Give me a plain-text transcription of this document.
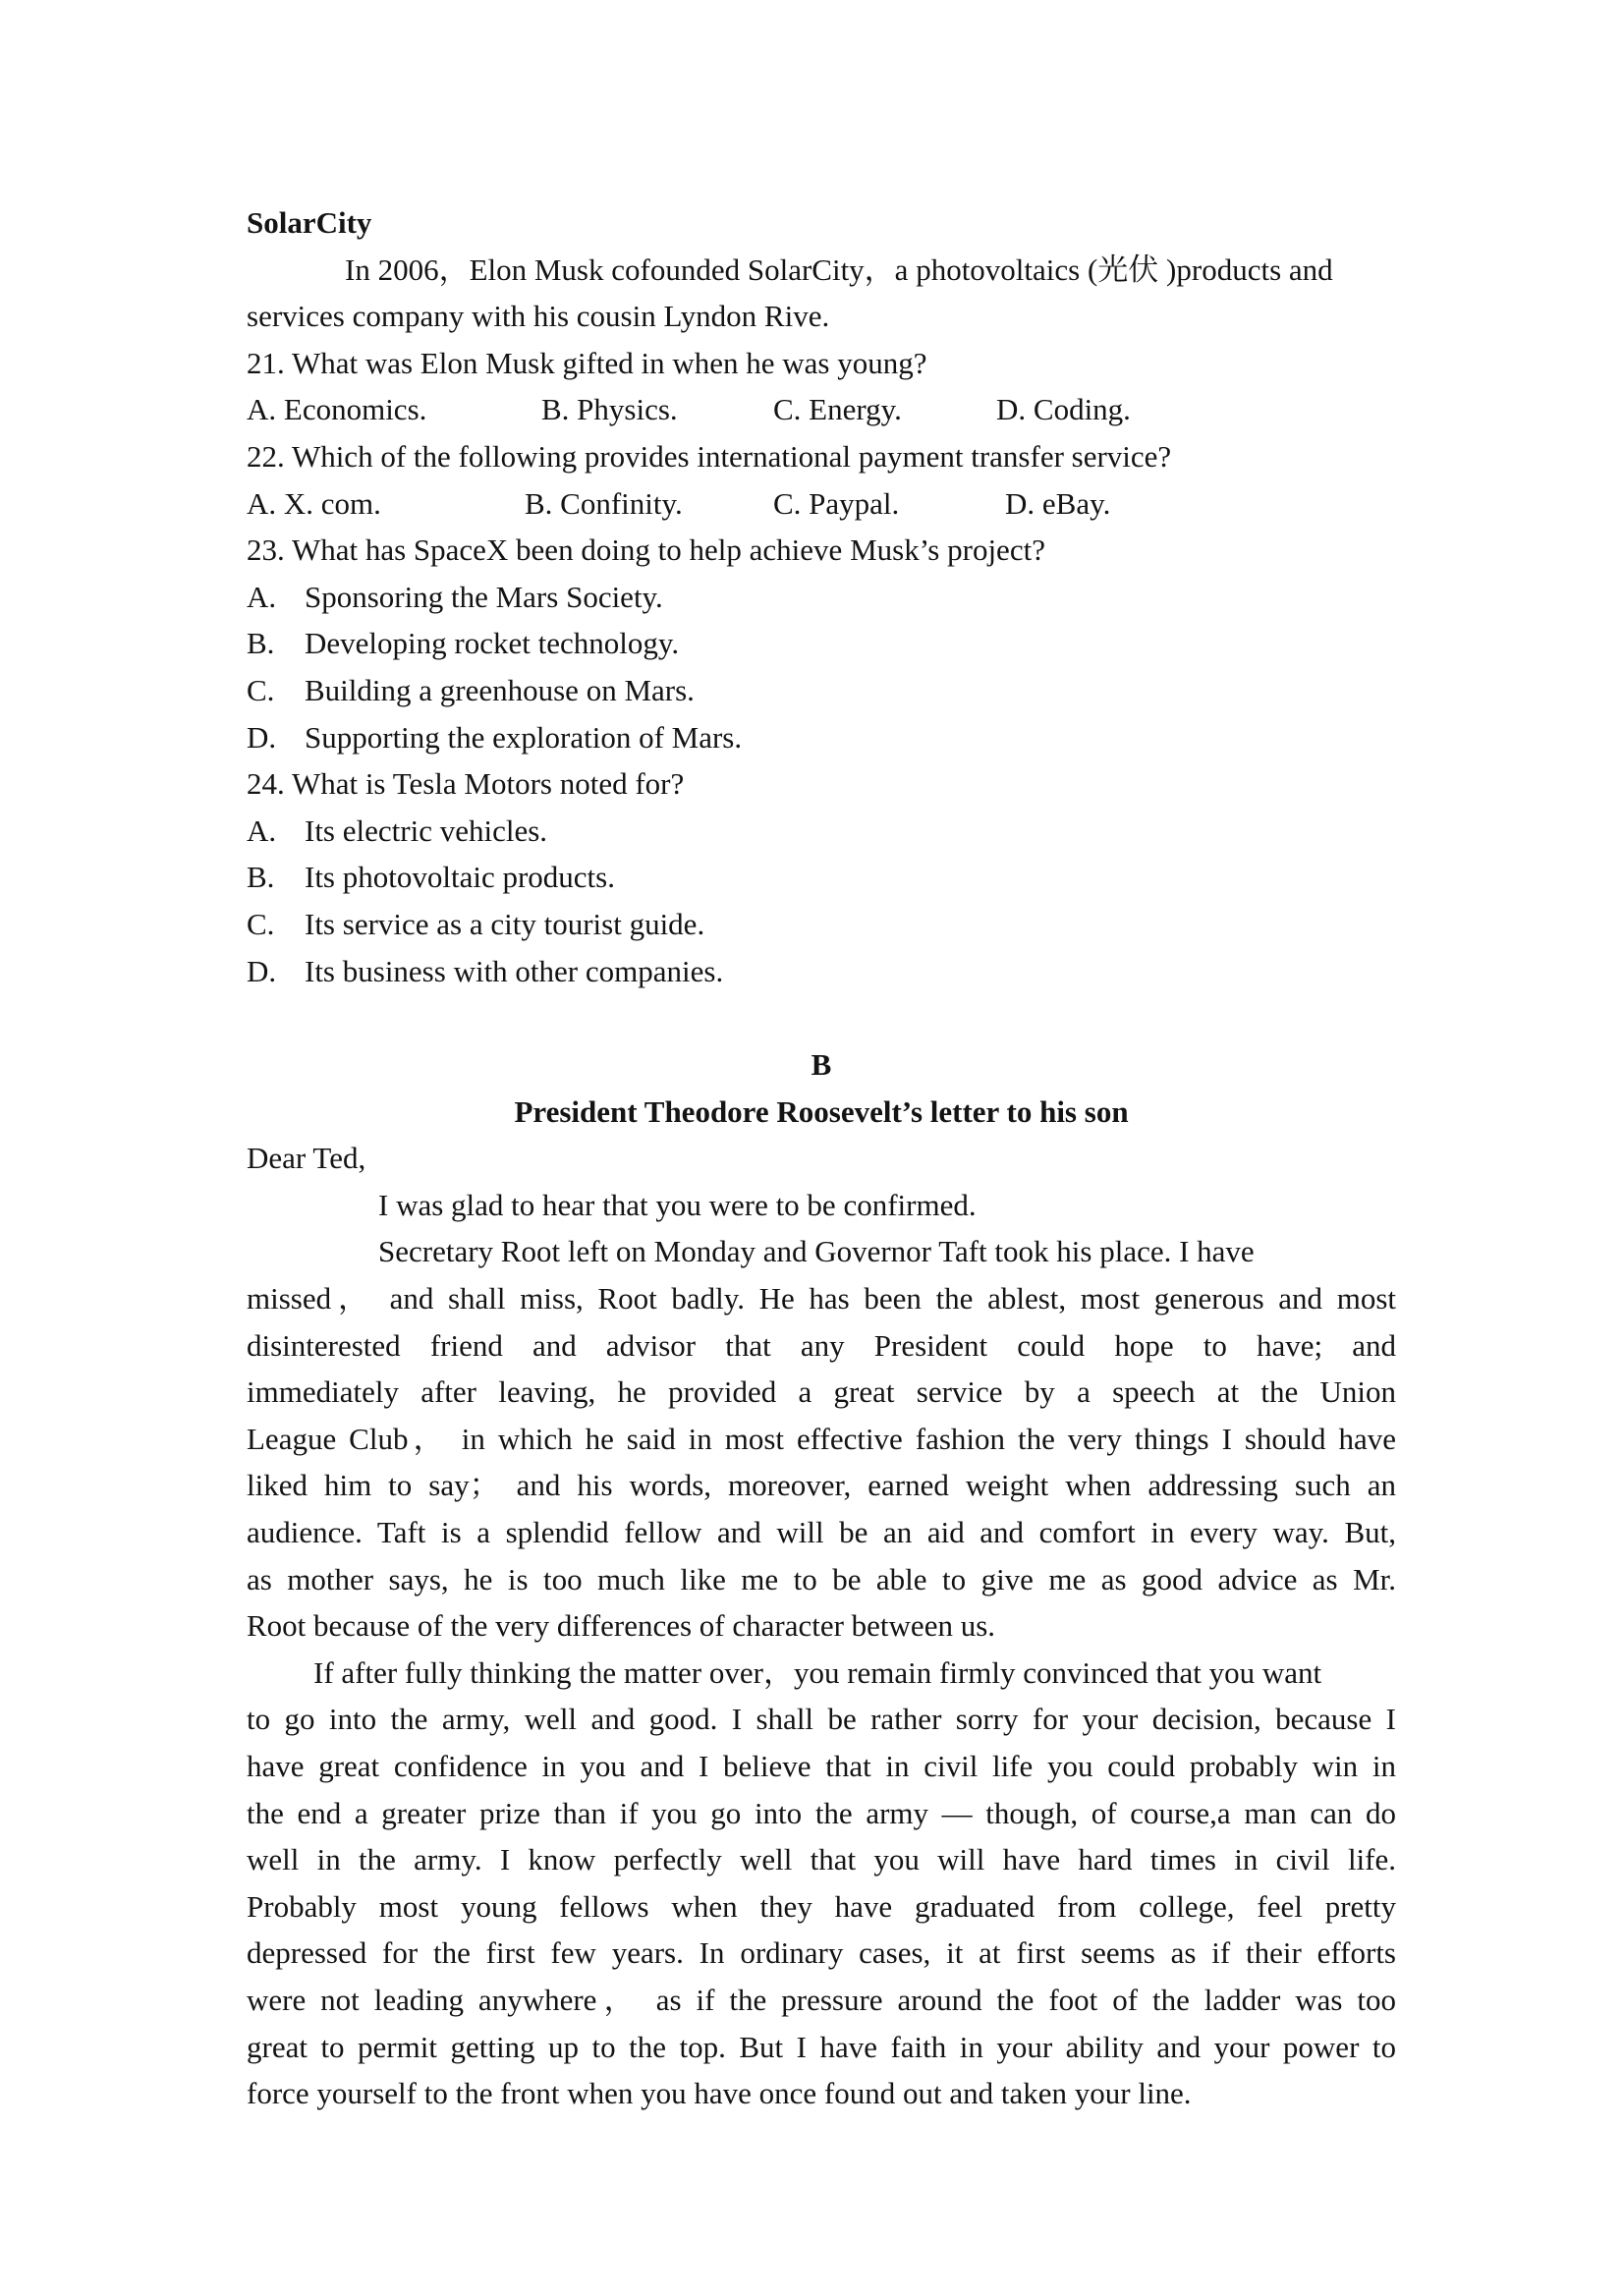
SolarCity
In 2006，Elon Musk cofounded SolarCity，a photovoltaics (光伏 )products and
services company with his cousin Lyndon Rive.
21. What was Elon Musk gifted in when he was young?
A. Economics.	B. Physics.	C. Energy.	D. Coding.
22. Which of the following provides international payment transfer service?
A. X. com.	B. Confinity.	C. Paypal.	D. eBay.
23. What has SpaceX been doing to help achieve Musk’s project?
A. Sponsoring the Mars Society.
B. Developing rocket technology.
C. Building a greenhouse on Mars.
D. Supporting the exploration of Mars.
24. What is Tesla Motors noted for?
A. Its electric vehicles.
B. Its photovoltaic products.
C. Its service as a city tourist guide.
D. Its business with other companies.
B
President Theodore Roosevelt’s letter to his son
Dear Ted,
I was glad to hear that you were to be confirmed.
Secretary Root left on Monday and Governor Taft took his place. I have
missed， and shall miss, Root badly. He has been the ablest, most generous and most
disinterested friend and advisor that any President could hope to have; and
immediately after leaving, he provided a great service by a speech at the Union
League Club， in which he said in most effective fashion the very things I should have
liked him to say； and his words, moreover, earned weight when addressing such an
audience. Taft is a splendid fellow and will be an aid and comfort in every way. But,
as mother says, he is too much like me to be able to give me as good advice as Mr.
Root because of the very differences of character between us.
If after fully thinking the matter over，you remain firmly convinced that you want
to go into the army, well and good. I shall be rather sorry for your decision, because I
have great confidence in you and I believe that in civil life you could probably win in
the end a greater prize than if you go into the army — though, of course,a man can do
well in the army. I know perfectly well that you will have hard times in civil life.
Probably most young fellows when they have graduated from college, feel pretty
depressed for the first few years. In ordinary cases, it at first seems as if their efforts
were not leading anywhere， as if the pressure around the foot of the ladder was too
great to permit getting up to the top. But I have faith in your ability and your power to
force yourself to the front when you have once found out and taken your line.
